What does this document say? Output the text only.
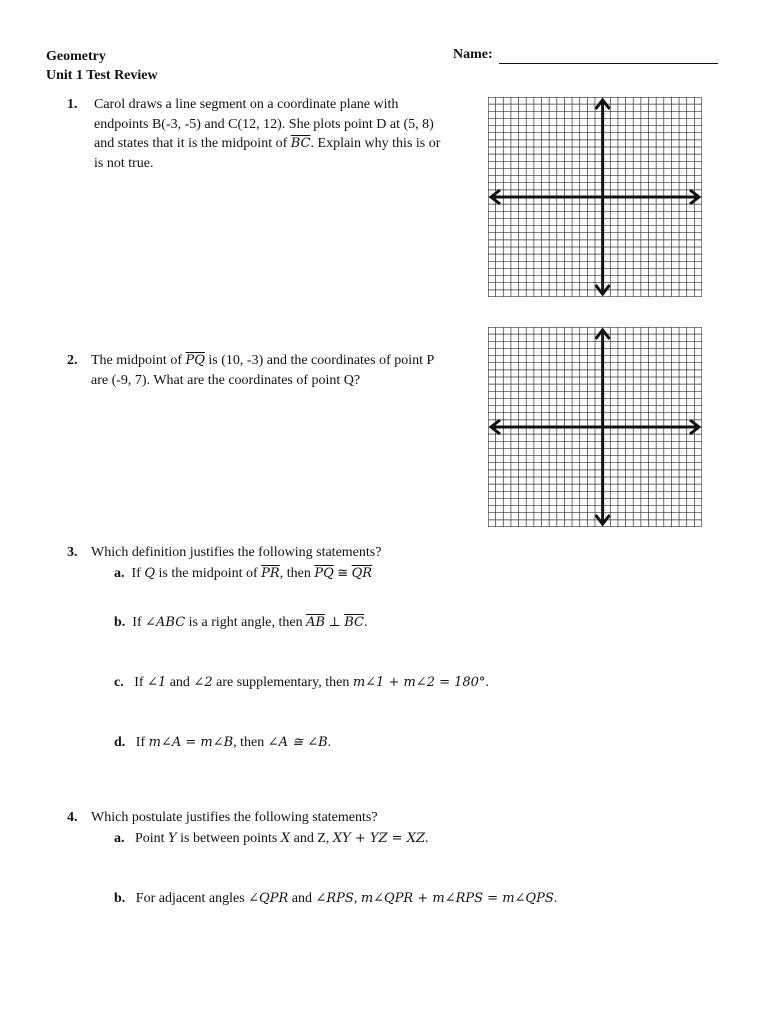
Geometry
Unit 1 Test Review
Name:
1. Carol draws a line segment on a coordinate plane with
endpoints B(-3, -5) and C(12, 12). She plots point D at (5, 8)
and states that it is the midpoint of $\overline{BC}$. Explain why this is or
is not true.
2. The midpoint of $\overline{PQ}$ is (10, -3) and the coordinates of point P
are (-9, 7). What are the coordinates of point Q?
3. Which definition justifies the following statements?
a. If Q is the midpoint of $\overline{PR}$, then $\overline{PQ}$ ≅ $\overline{QR}$
b. If ∠ABC is a right angle, then $\overline{AB}$ ⊥ $\overline{BC}$.
c. If ∠1 and ∠2 are supplementary, then m∠1 + m∠2 = 180°.
d. If m∠A = m∠B, then ∠A ≅ ∠B.
4. Which postulate justifies the following statements?
a. Point Y is between points X and Z, XY + YZ = XZ.
b. For adjacent angles ∠QPR and ∠RPS, m∠QPR + m∠RPS = m∠QPS.
